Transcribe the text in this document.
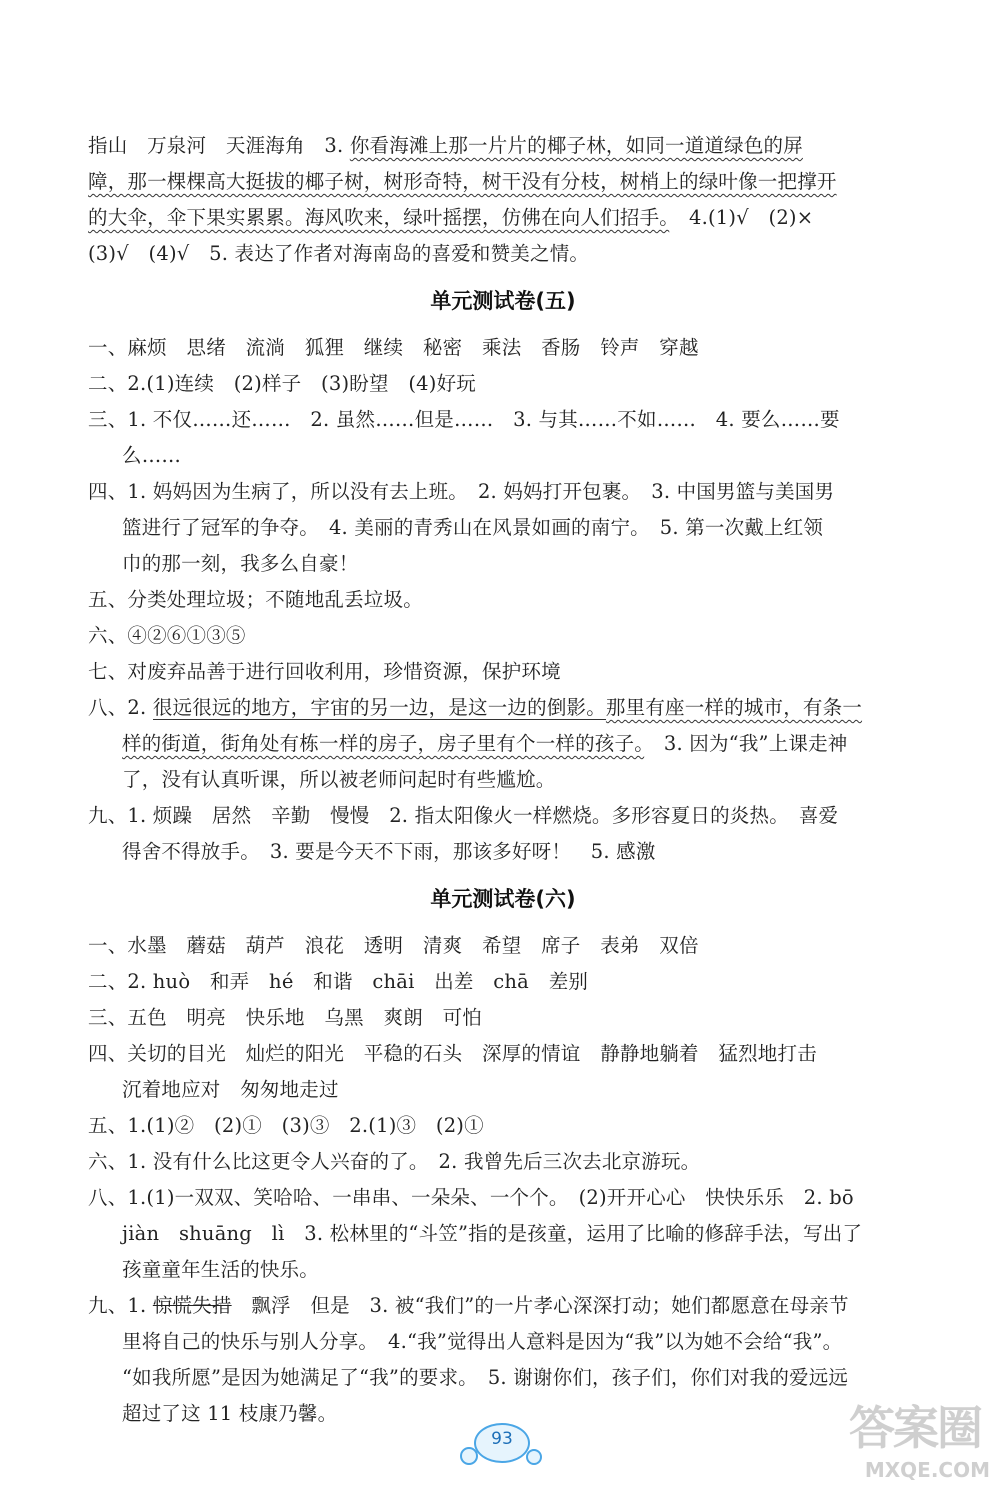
指山　万泉河　天涯海角　3. 你看海滩上那一片片的椰子林，如同一道道绿色的屏
障，那一棵棵高大挺拔的椰子树，树形奇特，树干没有分枝，树梢上的绿叶像一把撑开
的大伞，伞下果实累累。海风吹来，绿叶摇摆，仿佛在向人们招手。　4.(1)√　(2)×
(3)√　(4)√　5. 表达了作者对海南岛的喜爱和赞美之情。
单元测试卷(五)
一、麻烦　思绪　流淌　狐狸　继续　秘密　乘法　香肠　铃声　穿越
二、2.(1)连续　(2)样子　(3)盼望　(4)好玩
三、1. 不仅……还……　2. 虽然……但是……　3. 与其……不如……　4. 要么……要
么……
四、1. 妈妈因为生病了，所以没有去上班。　2. 妈妈打开包裹。　3. 中国男篮与美国男
篮进行了冠军的争夺。　4. 美丽的青秀山在风景如画的南宁。　5. 第一次戴上红领
巾的那一刻，我多么自豪！
五、分类处理垃圾；不随地乱丢垃圾。
六、④②⑥①③⑤
七、对废弃品善于进行回收利用，珍惜资源，保护环境
八、2. 很远很远的地方，宇宙的另一边，是这一边的倒影。那里有座一样的城市，有条一
样的街道，街角处有栋一样的房子，房子里有个一样的孩子。　3. 因为“我”上课走神
了，没有认真听课，所以被老师问起时有些尴尬。
九、1. 烦躁　居然　辛勤　慢慢　2. 指太阳像火一样燃烧。多形容夏日的炎热。　喜爱
得舍不得放手。　3. 要是今天不下雨，那该多好呀！　5. 感激
单元测试卷(六)
一、水墨　蘑菇　葫芦　浪花　透明　清爽　希望　席子　表弟　双倍
二、2. huò　和弄　hé　和谐　chāi　出差　chā　差别
三、五色　明亮　快乐地　乌黑　爽朗　可怕
四、关切的目光　灿烂的阳光　平稳的石头　深厚的情谊　静静地躺着　猛烈地打击
沉着地应对　匆匆地走过
五、1.(1)②　(2)①　(3)③　2.(1)③　(2)①
六、1. 没有什么比这更令人兴奋的了。　2. 我曾先后三次去北京游玩。
八、1.(1)一双双、笑哈哈、一串串、一朵朵、一个个。　(2)开开心心　快快乐乐　2. bō
jiàn　shuāng　lì　3. 松林里的“斗笠”指的是孩童，运用了比喻的修辞手法，写出了
孩童童年生活的快乐。
九、1. 惊慌失措　飘浮　但是　3. 被“我们”的一片孝心深深打动；她们都愿意在母亲节
里将自己的快乐与别人分享。　4.“我”觉得出人意料是因为“我”以为她不会给“我”。
“如我所愿”是因为她满足了“我”的要求。　5. 谢谢你们，孩子们，你们对我的爱远远
超过了这 11 枝康乃馨。
93	答案圈
MXQE.COM
